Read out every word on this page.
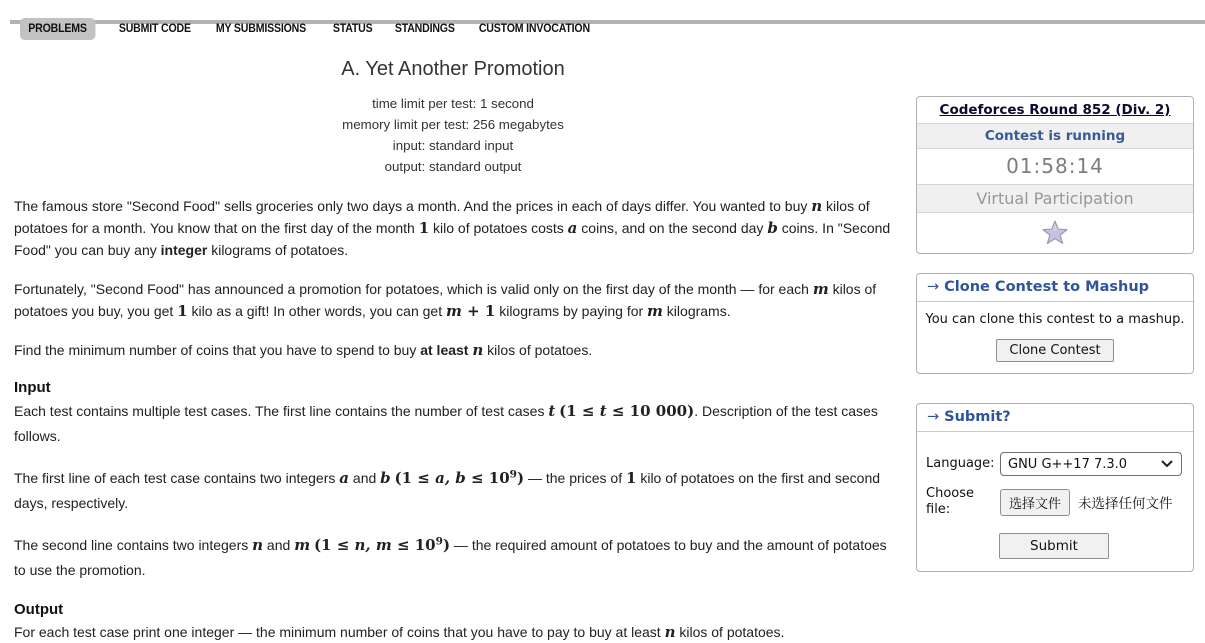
PROBLEMS	SUBMIT CODE MY SUBMISSIONS STATUS STANDINGS CUSTOM INVOCATION
A. Yet Another Promotion
time limit per test: 1 second
memory limit per test: 256 megabytes
input: standard input
output: standard output

The famous store "Second Food" sells groceries only two days a month. And the prices in each of days differ. You wanted to buy n kilos of potatoes for a month. You know that on the first day of the month 1 kilo of potatoes costs a coins, and on the second day b coins. In "Second Food" you can buy any integer kilograms of potatoes.

Fortunately, "Second Food" has announced a promotion for potatoes, which is valid only on the first day of the month — for each m kilos of potatoes you buy, you get 1 kilo as a gift! In other words, you can get m + 1 kilograms by paying for m kilograms.

Find the minimum number of coins that you have to spend to buy at least n kilos of potatoes.

Input

Each test contains multiple test cases. The first line contains the number of test cases t (1 ≤ t ≤ 10 000). Description of the test cases follows.

The first line of each test case contains two integers a and b (1 ≤ a, $b \le 10^9$) — the prices of 1 kilo of potatoes on the first and second days, respectively.

The second line contains two integers n and m (1 ≤ n, $m \le 10^9$) — the required amount of potatoes to buy and the amount of potatoes to use the promotion.

Output

For each test case print one integer — the minimum number of coins that you have to pay to buy at least n kilos of potatoes.

Codeforces Round 852 (Div. 2)
Contest is running
01:58:14
Virtual Participation
→ Clone Contest to Mashup
You can clone this contest to a mashup.
Clone Contest
→ Submit?
Language:	GNU G++17 7.3.0
Choose file:	选择文件	未选择任何文件
Submit
